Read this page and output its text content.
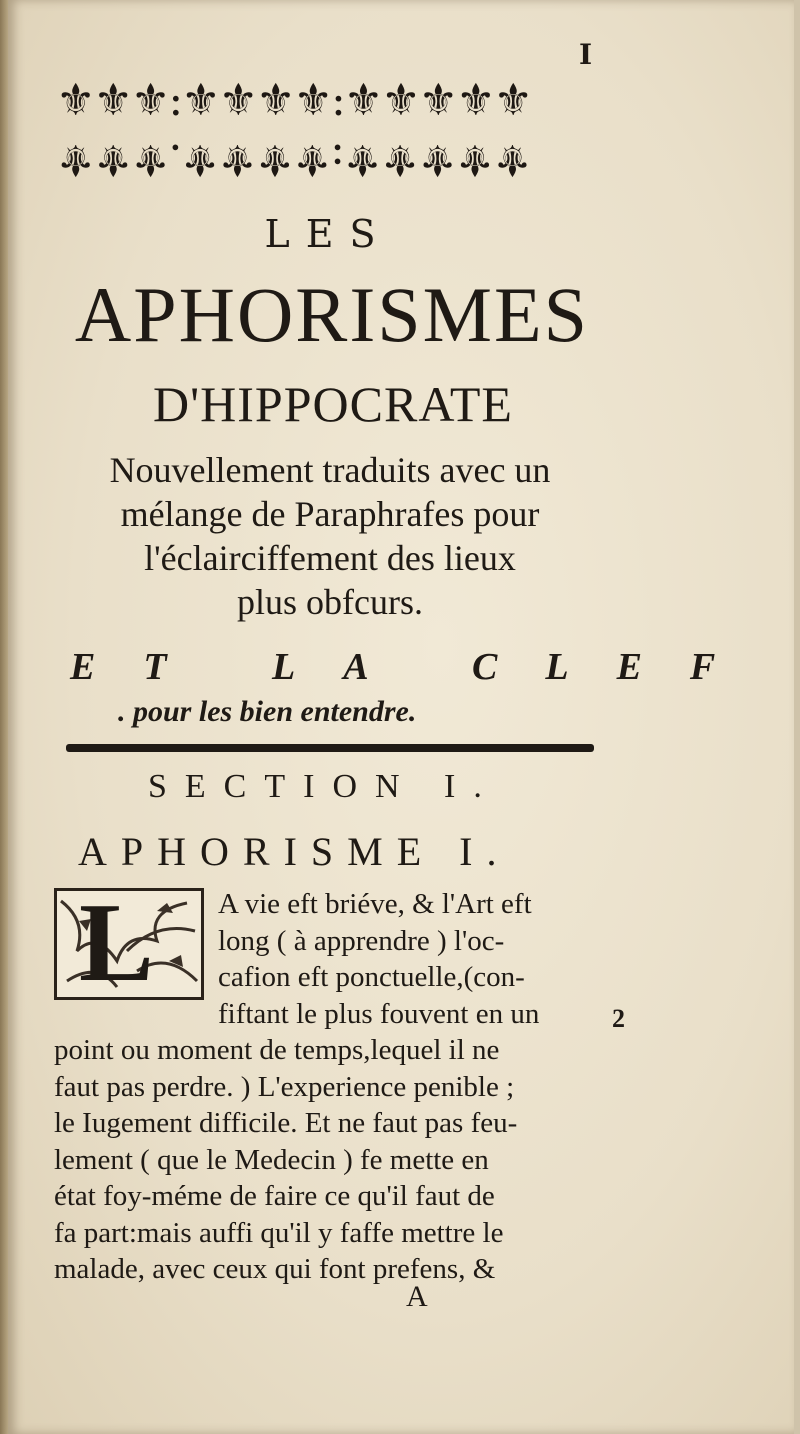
I
⚜⚜⚜:⚜⚜⚜⚜:⚜⚜⚜⚜⚜
⚜⚜⚜.⚜⚜⚜⚜:⚜⚜⚜⚜⚜
LES
APHORISMES
D'HIPPOCRATE
Nouvellement traduits avec un
mélange de Paraphrafes pour
l'éclairciffement des lieux
plus obfcurs.
ET LA CLEF
. pour les bien entendre.
SECTION I.
APHORISME I.
L	A vie eft briéve, & l'Art eft
long ( à apprendre ) l'oc-
cafion eft ponctuelle,(con-
fiftant le plus fouvent en un
point ou moment de temps,lequel il ne
faut pas perdre. ) L'experience penible ;
le Iugement difficile. Et ne faut pas feu-
lement ( que le Medecin ) fe mette en
état foy-méme de faire ce qu'il faut de
fa part:mais auffi qu'il y faffe mettre le
malade, avec ceux qui font prefens, &
2
A
